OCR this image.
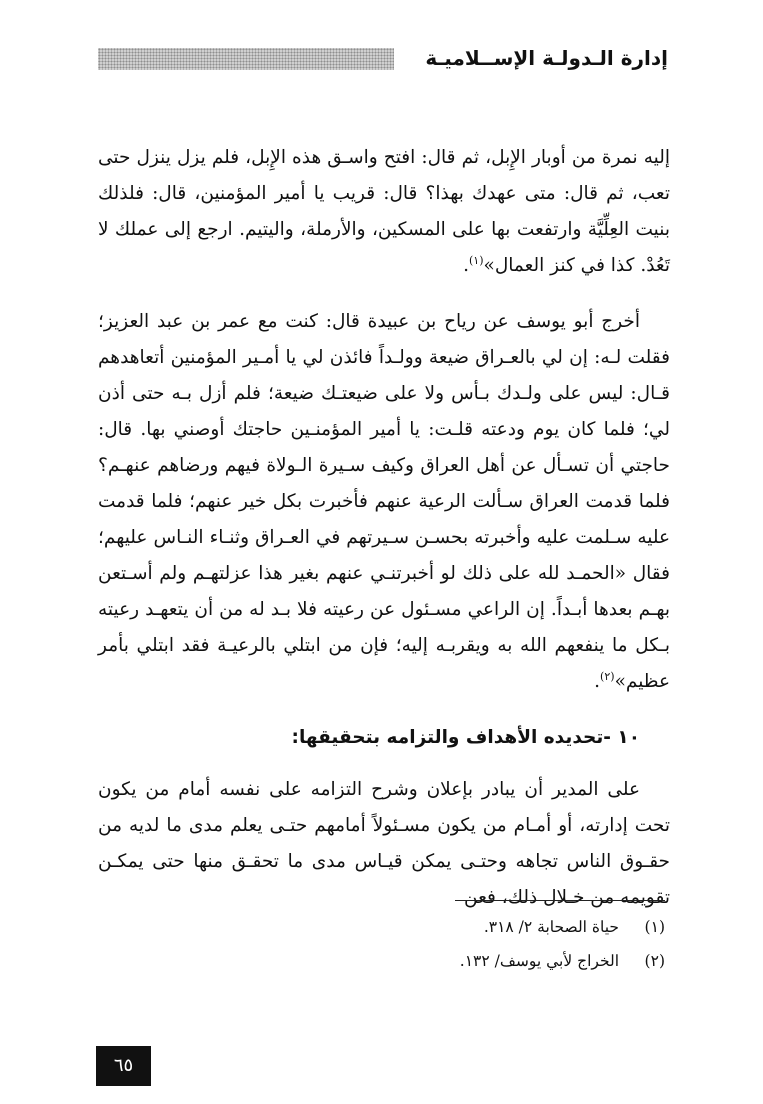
إدارة الـدولـة الإســلاميـة

إليه نمرة من أوبار الإِبل، ثم قال: افتح واسـق هذه الإِبل، فلم يزل ينزل حتى تعب، ثم قال: متى عهدك بهذا؟ قال: قريب يا أمير المؤمنين، قال: فلذلك بنيت العِلِّيَّة وارتفعت بها على المسكين، والأرملة، واليتيم. ارجع إلى عملك لا تَعُدْ. كذا في كنز العمال»$^{(١)}$.

أخرج أبو يوسف عن رياح بن عبيدة قال: كنت مع عمر بن عبد العزيز؛ فقلت لـه: إن لي بالعـراق ضيعة وولـداً فائذن لي يا أمـير المؤمنين أتعاهدهم قـال: ليس على ولـدك بـأس ولا على ضيعتـك ضيعة؛ فلم أزل بـه حتى أذن لي؛ فلما كان يوم ودعته قلـت: يا أمير المؤمنـين حاجتك أوصني بها. قال: حاجتي أن تسـأل عن أهل العراق وكيف سـيرة الـولاة فيهم ورضاهم عنهـم؟ فلما قدمت العراق سـألت الرعية عنهم فأخبرت بكل خير عنهم؛ فلما قدمت عليه سـلمت عليه وأخبرته بحسـن سـيرتهم في العـراق وثنـاء النـاس عليهم؛ فقال «الحمـد لله على ذلك لو أخبرتنـي عنهم بغير هذا عزلتهـم ولم أسـتعن بهـم بعدها أبـداً. إن الراعي مسـئول عن رعيته فلا بـد له من أن يتعهـد رعيته بـكل ما ينفعهم الله به ويقربـه إليه؛ فإن من ابتلي بالرعيـة فقد ابتلي بأمر عظيم»$^{(٢)}$.

١٠ -تحديده الأهداف والتزامه بتحقيقها:

على المدير أن يبادر بإعلان وشرح التزامه على نفسه أمام من يكون تحت إدارته، أو أمـام من يكون مسـئولاً أمامهم حتـى يعلم مدى ما لديه من حقـوق الناس تجاهه وحتـى يمكن قيـاس مدى ما تحقـق منها حتى يمكـن تقويمه من خـلال ذلك، فعن

(١)
حياة الصحابة ٢/ ٣١٨.
(٢)
الخراج لأبي يوسف/ ١٣٢.
٦٥
